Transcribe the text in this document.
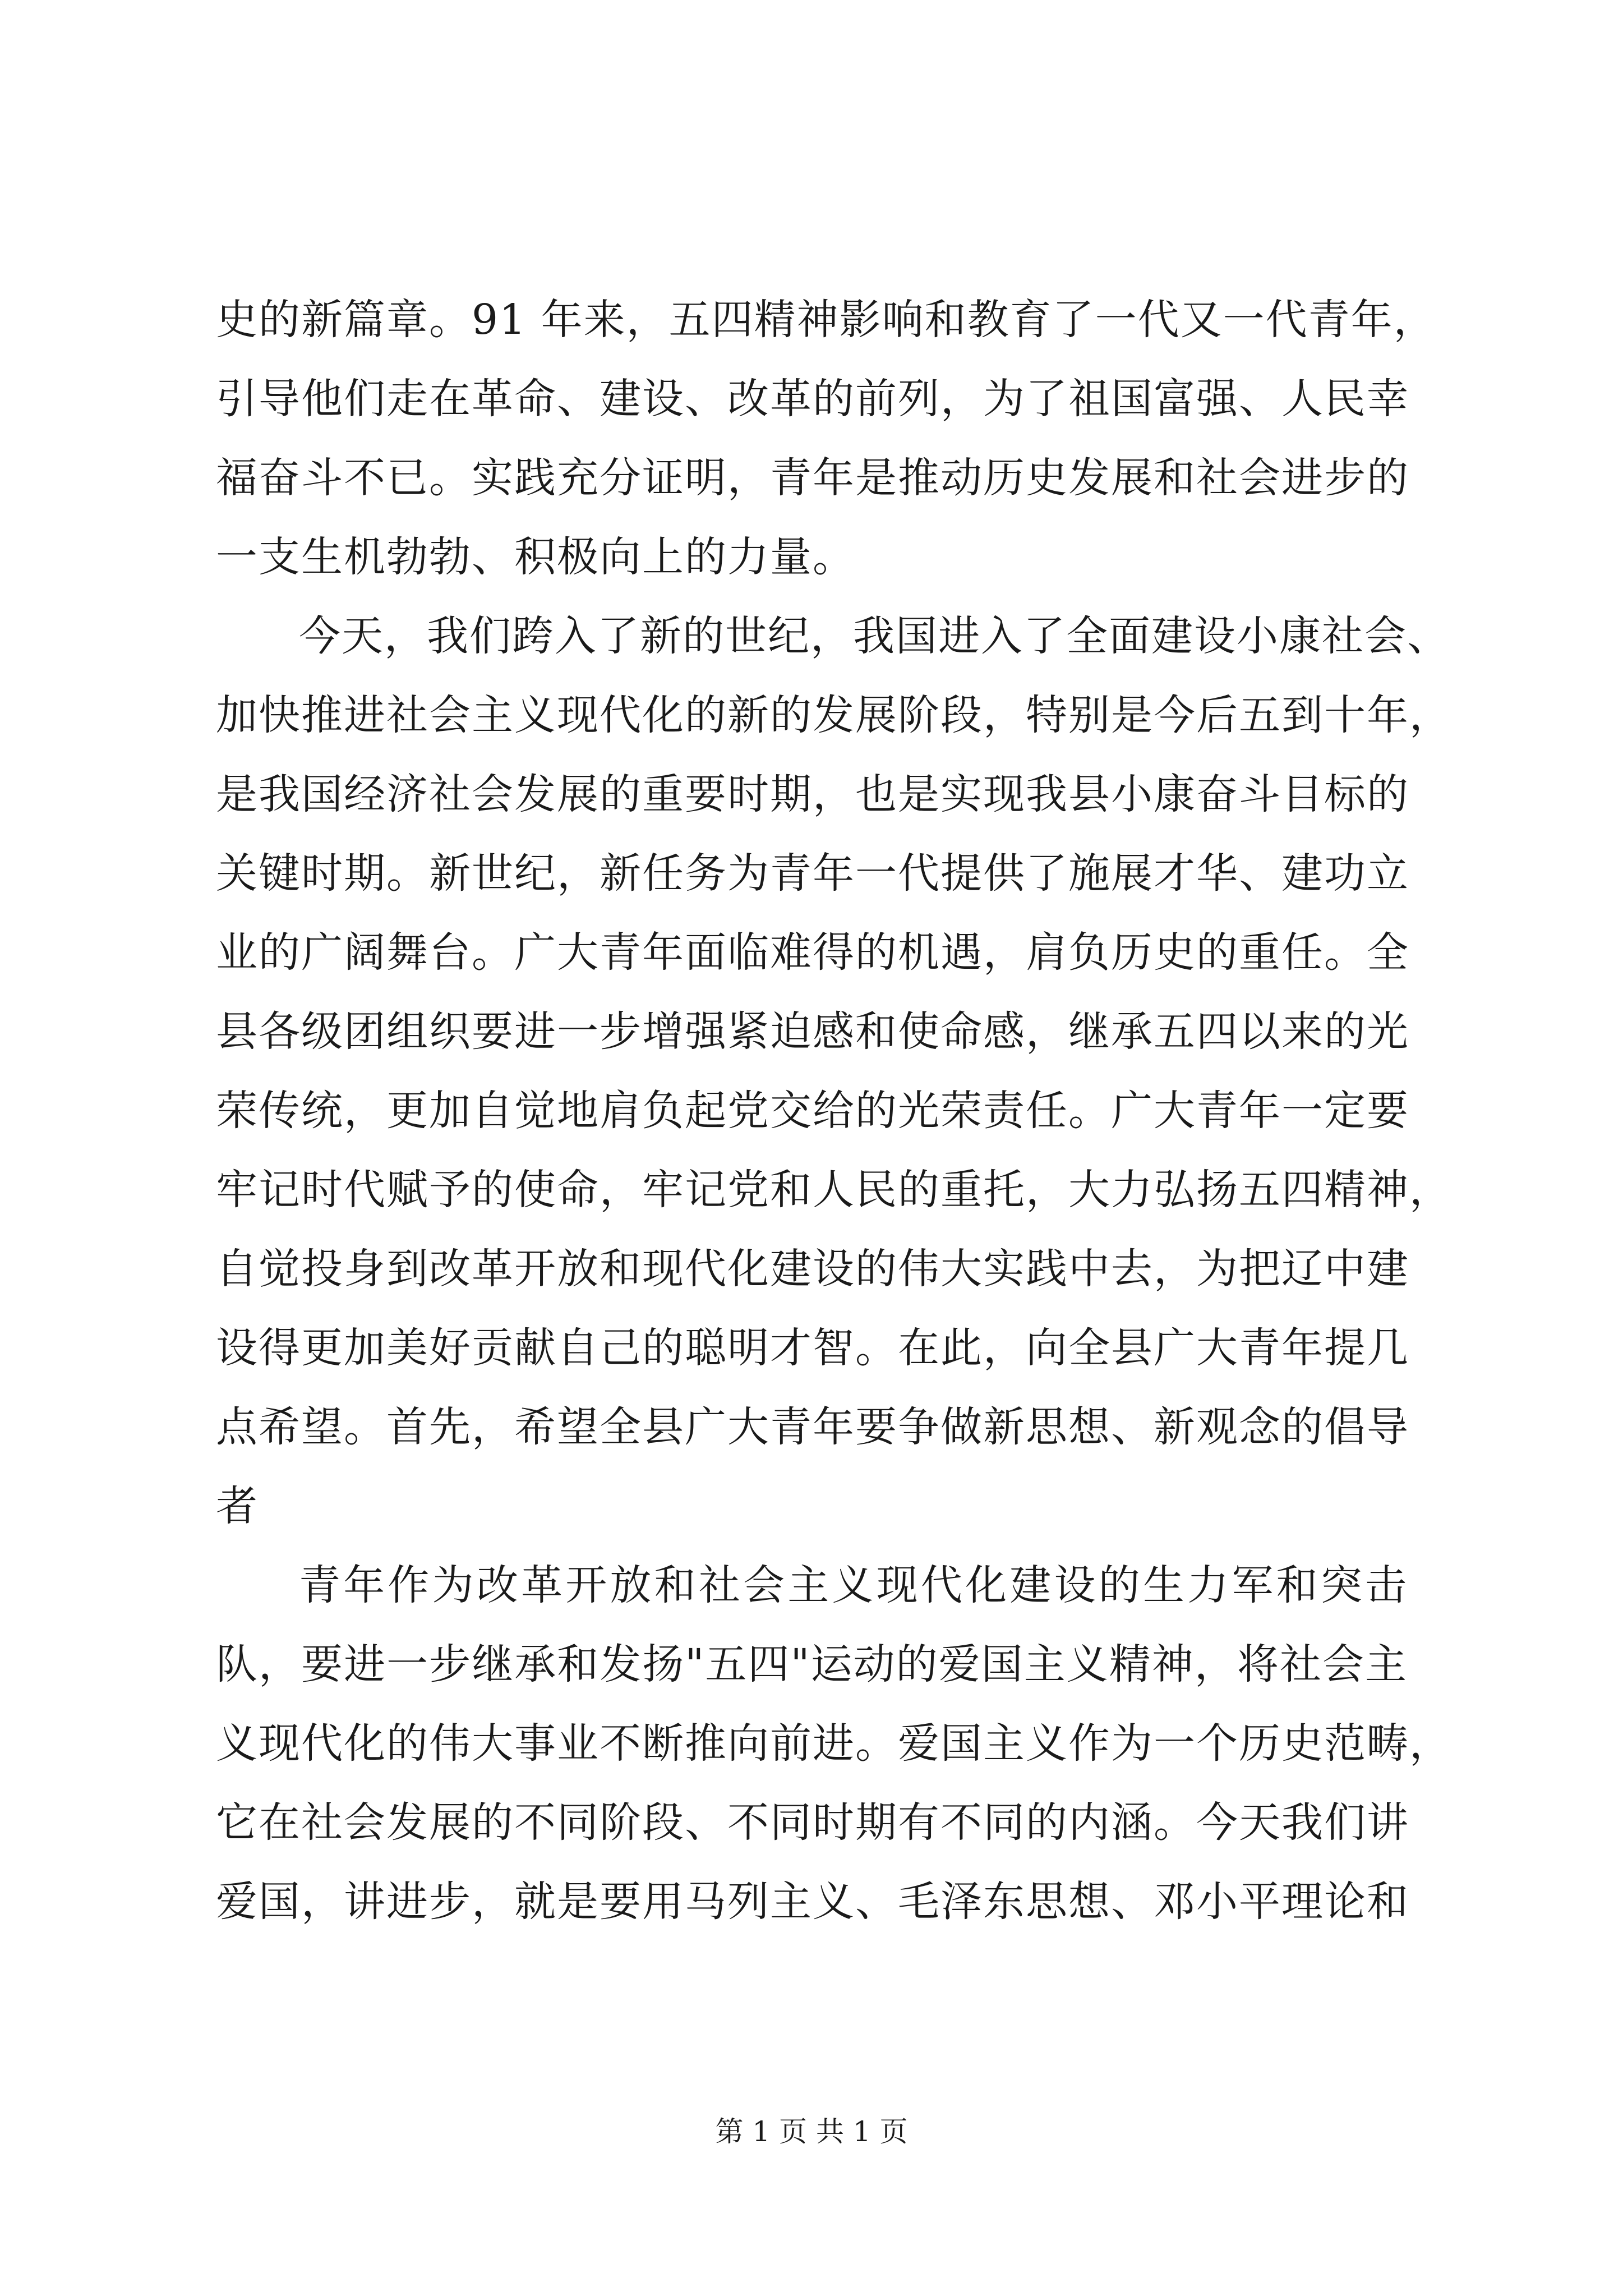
史的新篇章。91 年来，五四精神影响和教育了一代又一代青年，
引导他们走在革命、建设、改革的前列，为了祖国富强、人民幸
福奋斗不已。实践充分证明，青年是推动历史发展和社会进步的
一支生机勃勃、积极向上的力量。
今天，我们跨入了新的世纪，我国进入了全面建设小康社会、
加快推进社会主义现代化的新的发展阶段，特别是今后五到十年，
是我国经济社会发展的重要时期，也是实现我县小康奋斗目标的
关键时期。新世纪，新任务为青年一代提供了施展才华、建功立
业的广阔舞台。广大青年面临难得的机遇，肩负历史的重任。全
县各级团组织要进一步增强紧迫感和使命感，继承五四以来的光
荣传统，更加自觉地肩负起党交给的光荣责任。广大青年一定要
牢记时代赋予的使命，牢记党和人民的重托，大力弘扬五四精神，
自觉投身到改革开放和现代化建设的伟大实践中去，为把辽中建
设得更加美好贡献自己的聪明才智。在此，向全县广大青年提几
点希望。首先，希望全县广大青年要争做新思想、新观念的倡导
者
青年作为改革开放和社会主义现代化建设的生力军和突击
队，要进一步继承和发扬"五四"运动的爱国主义精神，将社会主
义现代化的伟大事业不断推向前进。爱国主义作为一个历史范畴，
它在社会发展的不同阶段、不同时期有不同的内涵。今天我们讲
爱国，讲进步，就是要用马列主义、毛泽东思想、邓小平理论和
第 1 页 共 1 页
